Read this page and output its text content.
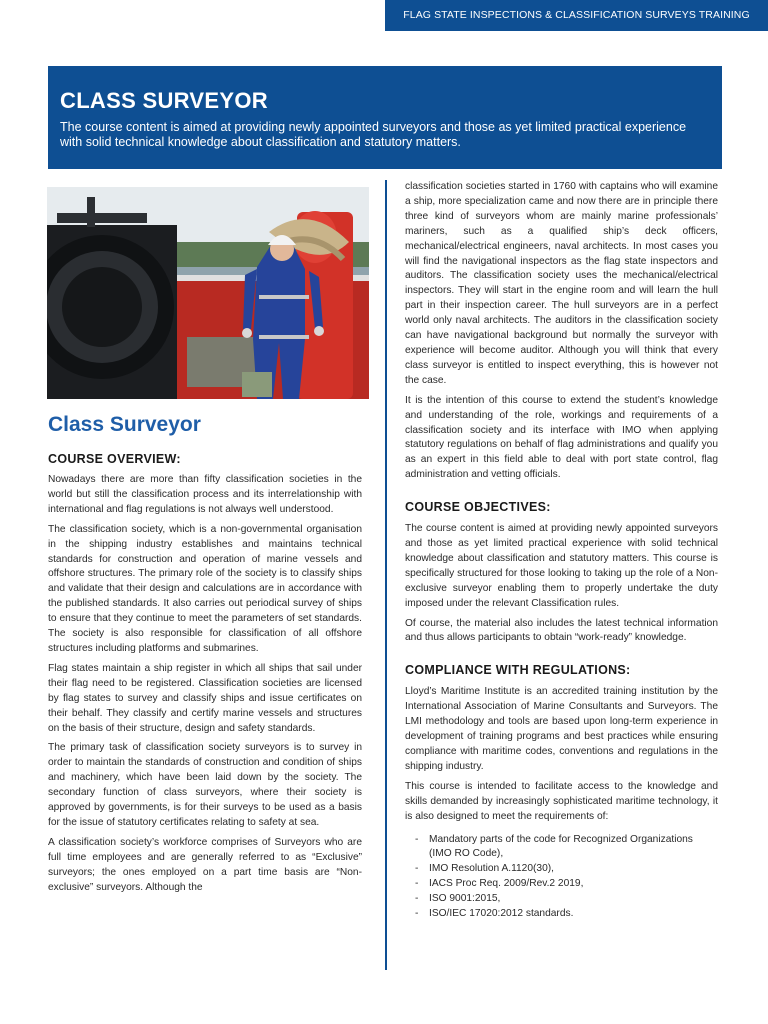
FLAG STATE INSPECTIONS & CLASSIFICATION SURVEYS TRAINING CERTIFICATE
CLASS SURVEYOR

The course content is aimed at providing newly appointed surveyors and those as yet limited practical experience with solid technical knowledge about classification and statutory matters.

Class Surveyor
COURSE OVERVIEW:

Nowadays there are more than fifty classification societies in the world but still the classification process and its interrelationship with international and flag regulations is not always well understood.

The classification society, which is a non-governmental organisation in the shipping industry establishes and maintains technical standards for construction and operation of marine vessels and offshore structures. The primary role of the society is to classify ships and validate that their design and calculations are in accordance with the published standards. It also carries out periodical survey of ships to ensure that they continue to meet the parameters of set standards. The society is also responsible for classification of all offshore structures including platforms and submarines.

Flag states maintain a ship register in which all ships that sail under their flag need to be registered. Classification societies are licensed by flag states to survey and classify ships and issue certificates on their behalf. They classify and certify marine vessels and structures on the basis of their structure, design and safety standards.

The primary task of classification society surveyors is to survey in order to maintain the standards of construction and condition of ships and machinery, which have been laid down by the society. The secondary function of class surveyors, where their society is approved by governments, is for their surveys to be used as a basis for the issue of statutory certificates relating to safety at sea.

A classification society’s workforce comprises of Surveyors who are full time employees and are generally referred to as “Exclusive” surveyors; the ones employed on a part time basis are “Non-exclusive” surveyors. Although the

classification societies started in 1760 with captains who will examine a ship, more specialization came and now there are in principle there three kind of surveyors whom are mainly marine professionals’ mariners, such as a qualified ship’s deck officers, mechanical/electrical engineers, naval architects. In most cases you will find the navigational inspectors as the flag state inspectors and auditors. The classification society uses the mechanical/electrical inspectors. They will start in the engine room and will learn the hull part in their inspection career. The hull surveyors are in a perfect world only naval architects. The auditors in the classification society can have navigational background but normally the surveyor with experience will become auditor. Although you will think that every class surveyor is entitled to inspect everything, this is however not the case.

It is the intention of this course to extend the student’s knowledge and understanding of the role, workings and requirements of a classification society and its interface with IMO when applying statutory regulations on behalf of flag administrations and qualify you as an expert in this field able to deal with port state control, flag administration and vetting officials.

COURSE OBJECTIVES:

The course content is aimed at providing newly appointed surveyors and those as yet limited practical experience with solid technical knowledge about classification and statutory matters. This course is specifically structured for those looking to taking up the role of a Non-exclusive surveyor enabling them to properly undertake the duty imposed under the relevant Classification rules.

Of course, the material also includes the latest technical information and thus allows participants to obtain “work-ready” knowledge.

COMPLIANCE WITH REGULATIONS:

Lloyd’s Maritime Institute is an accredited training institution by the International Association of Marine Consultants and Surveyors. The LMI methodology and tools are based upon long-term experience in development of training programs and best practices while ensuring compliance with maritime codes, conventions and regulations in the shipping industry.

This course is intended to facilitate access to the knowledge and skills demanded by increasingly sophisticated maritime technology, it is also designed to meet the requirements of:

- Mandatory parts of the code for Recognized Organizations (IMO RO Code),
- IMO Resolution A.1120(30),
- IACS Proc Req. 2009/Rev.2 2019,
- ISO 9001:2015,
- ISO/IEC 17020:2012 standards.
